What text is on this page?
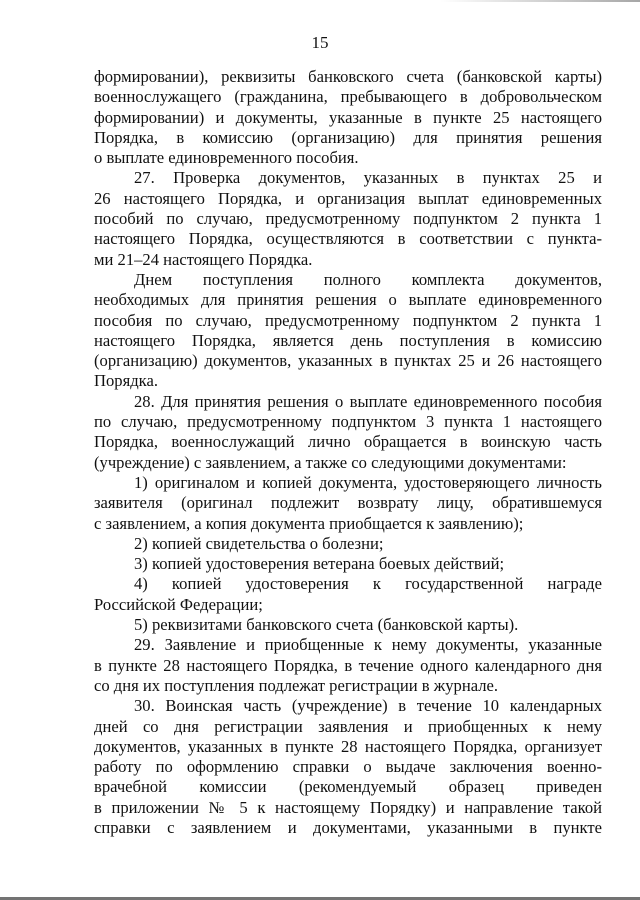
15
формировании), реквизиты банковского счета (банковской карты)
военнослужащего (гражданина, пребывающего в добровольческом
формировании) и документы, указанные в пункте 25 настоящего
Порядка, в комиссию (организацию) для принятия решения
о выплате единовременного пособия.
27. Проверка документов, указанных в пунктах 25 и
26 настоящего Порядка, и организация выплат единовременных
пособий по случаю, предусмотренному подпунктом 2 пункта 1
настоящего Порядка, осуществляются в соответствии с пункта-
ми 21–24 настоящего Порядка.
Днем поступления полного комплекта документов,
необходимых для принятия решения о выплате единовременного
пособия по случаю, предусмотренному подпунктом 2 пункта 1
настоящего Порядка, является день поступления в комиссию
(организацию) документов, указанных в пунктах 25 и 26 настоящего
Порядка.
28. Для принятия решения о выплате единовременного пособия
по случаю, предусмотренному подпунктом 3 пункта 1 настоящего
Порядка, военнослужащий лично обращается в воинскую часть
(учреждение) с заявлением, а также со следующими документами:
1) оригиналом и копией документа, удостоверяющего личность
заявителя (оригинал подлежит возврату лицу, обратившемуся
с заявлением, а копия документа приобщается к заявлению);
2) копией свидетельства о болезни;
3) копией удостоверения ветерана боевых действий;
4) копией удостоверения к государственной награде
Российской Федерации;
5) реквизитами банковского счета (банковской карты).
29. Заявление и приобщенные к нему документы, указанные
в пункте 28 настоящего Порядка, в течение одного календарного дня
со дня их поступления подлежат регистрации в журнале.
30. Воинская часть (учреждение) в течение 10 календарных
дней со дня регистрации заявления и приобщенных к нему
документов, указанных в пункте 28 настоящего Порядка, организует
работу по оформлению справки о выдаче заключения военно-
врачебной комиссии (рекомендуемый образец приведен
в приложении № 5 к настоящему Порядку) и направление такой
справки с заявлением и документами, указанными в пункте
